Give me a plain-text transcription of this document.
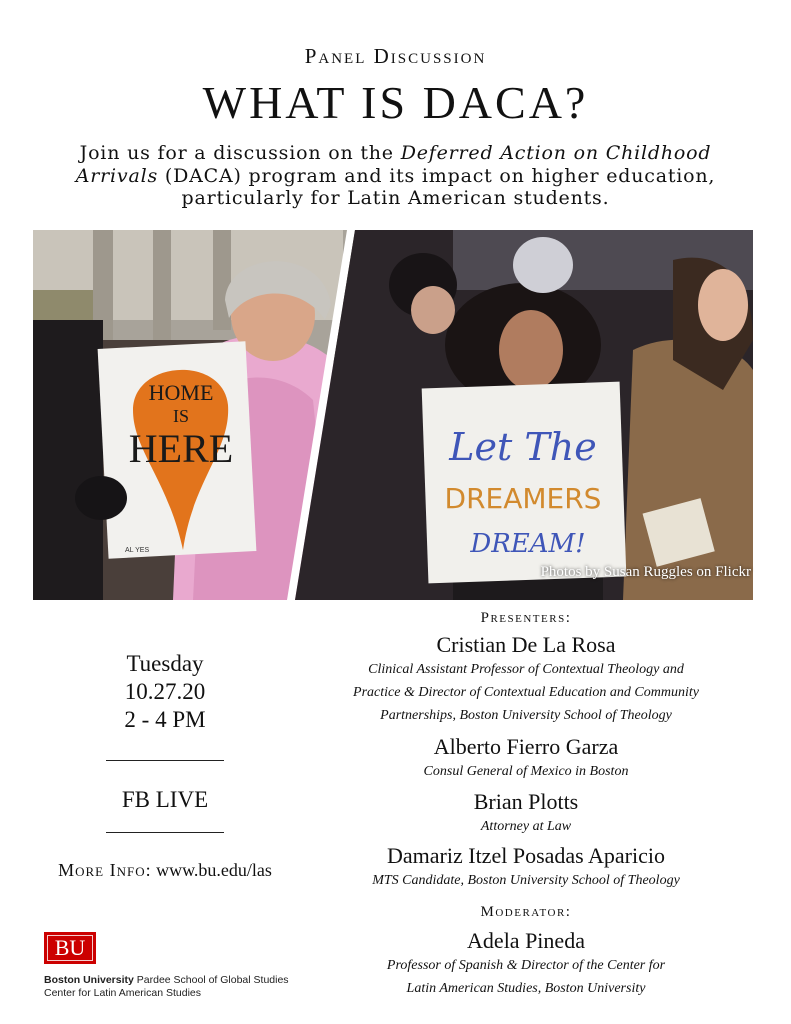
Panel Discussion
WHAT IS DACA?
Join us for a discussion on the Deferred Action on Childhood Arrivals (DACA) program and its impact on higher education, particularly for Latin American students.
HOME
IS
HERE
AL YES
Let The
DREAMERS
DREAM!
Photos by Susan Ruggles on Flickr
Tuesday
10.27.20
2 - 4 PM
FB LIVE
More Info: www.bu.edu/las
BU
Boston University Pardee School of Global Studies
Center for Latin American Studies
Presenters:
Cristian De La Rosa
Clinical Assistant Professor of Contextual Theology and
Practice & Director of Contextual Education and Community
Partnerships, Boston University School of Theology
Alberto Fierro Garza
Consul General of Mexico in Boston
Brian Plotts
Attorney at Law
Damariz Itzel Posadas Aparicio
MTS Candidate, Boston University School of Theology
Moderator:
Adela Pineda
Professor of Spanish & Director of the Center for
Latin American Studies, Boston University
